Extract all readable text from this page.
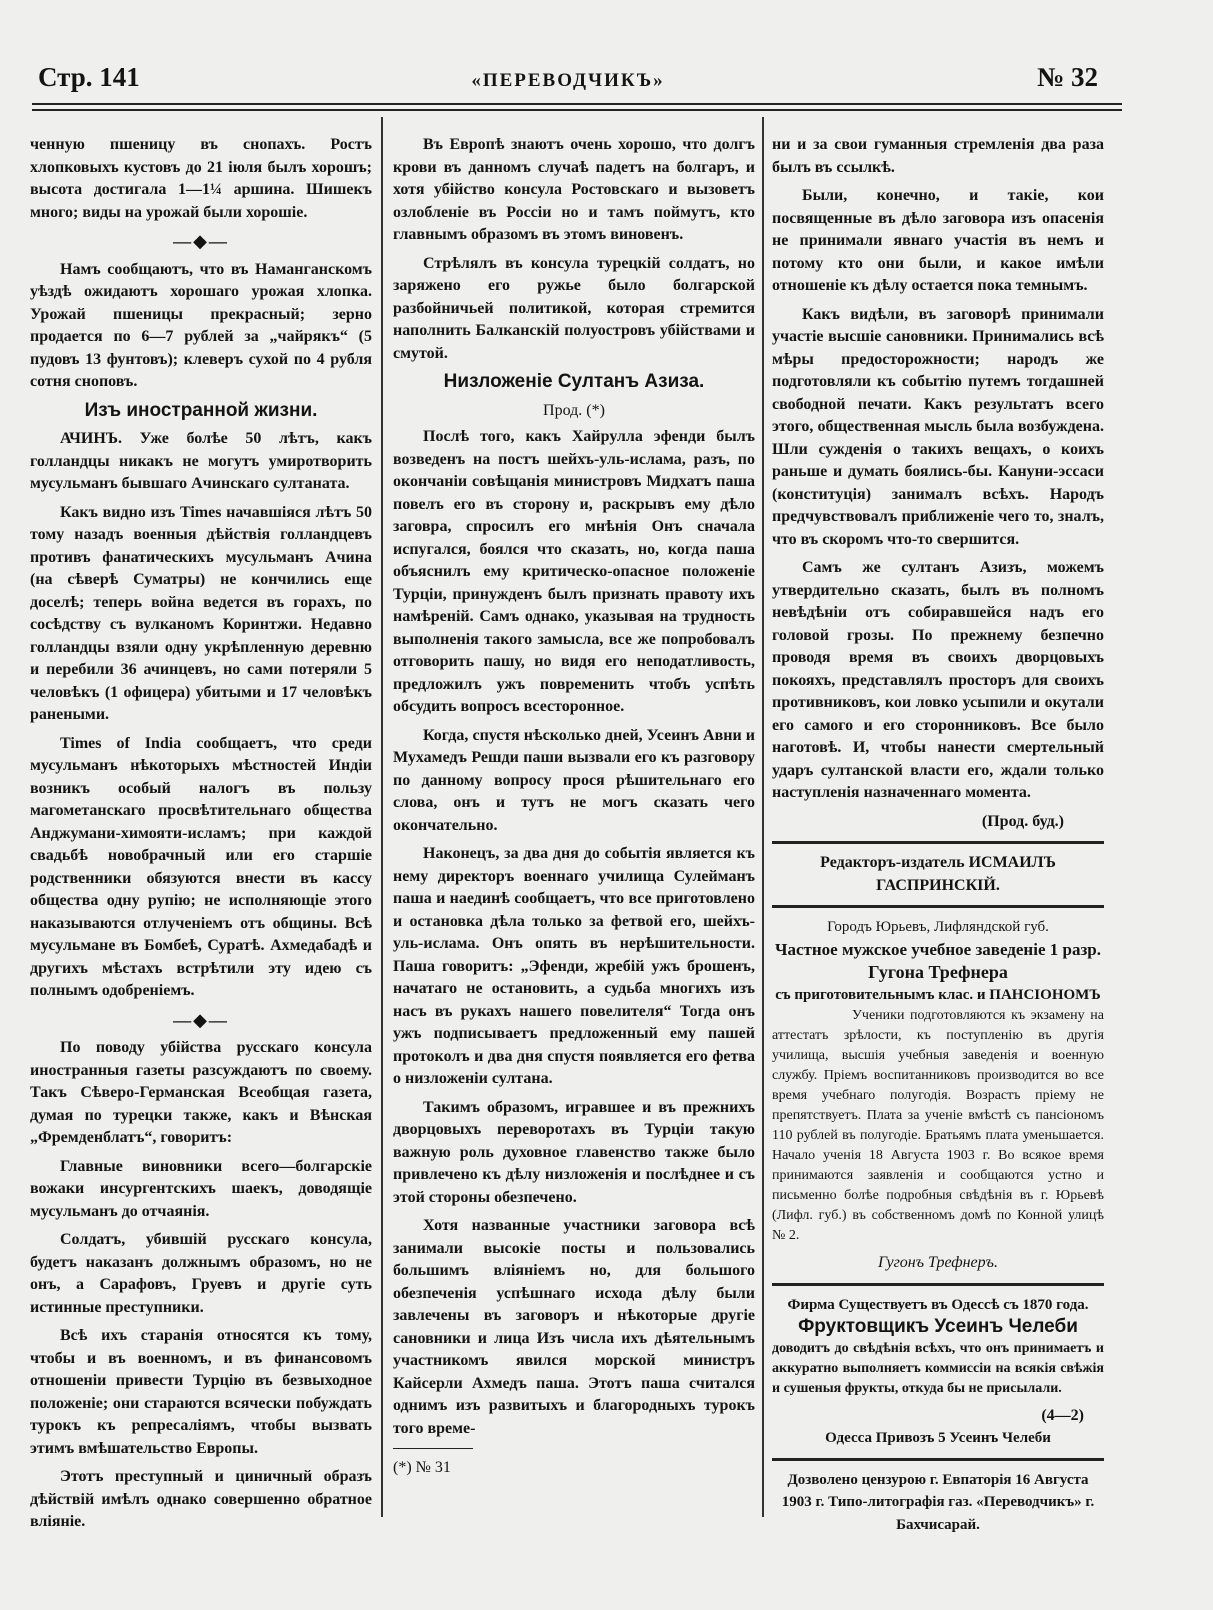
Стр. 141	«ПЕРЕВОДЧИКЪ»	№ 32

ченную пшеницу въ снопахъ. Ростъ хлопковыхъ кустовъ до 21 іюля былъ хорошъ; высота достигала 1—1¼ аршина. Шишекъ много; виды на урожай были хорошіе.

—◆—

Намъ сообщаютъ, что въ Наманганскомъ уѣздѣ ожидаютъ хорошаго урожая хлопка. Урожай пшеницы прекрасный; зерно продается по 6—7 рублей за „чайрякъ“ (5 пудовъ 13 фунтовъ); клеверъ сухой по 4 рубля сотня сноповъ.

Изъ иностранной жизни.

АЧИНЪ. Уже болѣе 50 лѣтъ, какъ голландцы никакъ не могутъ умиротворить мусульманъ бывшаго Ачинскаго султаната.

Какъ видно изъ Times начавшіяся лѣтъ 50 тому назадъ военныя дѣйствія голландцевъ противъ фанатическихъ мусульманъ Ачина (на сѣверѣ Суматры) не кончились еще доселѣ; теперь война ведется въ горахъ, по сосѣдству съ вулканомъ Коринтжи. Недавно голландцы взяли одну укрѣпленную деревню и перебили 36 ачинцевъ, но сами потеряли 5 человѣкъ (1 офицера) убитыми и 17 человѣкъ ранеными.

Times of India сообщаетъ, что среди мусульманъ нѣкоторыхъ мѣстностей Индіи возникъ особый налогъ въ пользу магометанскаго просвѣтительнаго общества Анджумани-химояти-исламъ; при каждой свадьбѣ новобрачный или его старшіе родственники обязуются внести въ кассу общества одну рупію; не исполняющіе этого наказываются отлученіемъ отъ общины. Всѣ мусульмане въ Бомбеѣ, Суратѣ. Ахмедабадѣ и другихъ мѣстахъ встрѣтили эту идею съ полнымъ одобреніемъ.

—◆—

По поводу убійства русскаго консула иностранныя газеты разсуждаютъ по своему. Такъ Сѣверо-Германская Всеобщая газета, думая по турецки также, какъ и Вѣнская „Фремденблатъ“, говоритъ:

Главные виновники всего—болгарскіе вожаки инсургентскихъ шаекъ, доводящіе мусульманъ до отчаянія.

Солдатъ, убившій русскаго консула, будетъ наказанъ должнымъ образомъ, но не онъ, а Сарафовъ, Груевъ и другіе суть истинные преступники.

Всѣ ихъ старанія относятся къ тому, чтобы и въ военномъ, и въ финансовомъ отношеніи привести Турцію въ безвыходное положеніе; они стараются всячески побуждать турокъ къ репресаліямъ, чтобы вызвать этимъ вмѣшательство Европы.

Этотъ преступный и циничный образъ дѣйствій имѣлъ однако совершенно обратное вліяніе.

Въ Европѣ знаютъ очень хорошо, что долгъ крови въ данномъ случаѣ падетъ на болгаръ, и хотя убійство консула Ростовскаго и вызоветъ озлобленіе въ Россіи но и тамъ поймутъ, кто главнымъ образомъ въ этомъ виновенъ.

Стрѣлялъ въ консула турецкій солдатъ, но заряжено его ружье было болгарской разбойничьей политикой, которая стремится наполнить Балканскій полуостровъ убійствами и смутой.

Низложеніе Султанъ Азиза.
Прод. (*)

Послѣ того, какъ Хайрулла эфенди былъ возведенъ на постъ шейхъ-уль-ислама, разъ, по окончаніи совѣщанія министровъ Мидхатъ паша повелъ его въ сторону и, раскрывъ ему дѣло заговра, спросилъ его мнѣнія Онъ сначала испугался, боялся что сказать, но, когда паша объяснилъ ему критическо-опасное положеніе Турціи, принужденъ былъ признать правоту ихъ намѣреній. Самъ однако, указывая на трудность выполненія такого замысла, все же попробовалъ отговорить пашу, но видя его неподатливость, предложилъ ужъ повременить чтобъ успѣть обсудить вопросъ всесторонное.

Когда, спустя нѣсколько дней, Усеинъ Авни и Мухамедъ Решди паши вызвали его къ разговору по данному вопросу прося рѣшительнаго его слова, онъ и тутъ не могъ сказать чего окончательно.

Наконецъ, за два дня до событія является къ нему директоръ военнаго училища Сулейманъ паша и наединѣ сообщаетъ, что все приготовлено и остановка дѣла только за фетвой его, шейхъ-уль-ислама. Онъ опять въ нерѣшительности. Паша говоритъ: „Эфенди, жребій ужъ брошенъ, начатаго не остановить, а судьба многихъ изъ насъ въ рукахъ нашего повелителя“ Тогда онъ ужъ подписываетъ предложенный ему пашей протоколъ и два дня спустя появляется его фетва о низложеніи султана.

Такимъ образомъ, игравшее и въ прежнихъ дворцовыхъ переворотахъ въ Турціи такую важную роль духовное главенство также было привлечено къ дѣлу низложенія и послѣднее и съ этой стороны обезпечено.

Хотя названные участники заговора всѣ занимали высокіе посты и пользовались большимъ вліяніемъ но, для большого обезпеченія успѣшнаго исхода дѣлу были завлечены въ заговоръ и нѣкоторые другіе сановники и лица Изъ числа ихъ дѣятельнымъ участникомъ явился морской министръ Кайсерли Ахмедъ паша. Этотъ паша считался однимъ изъ развитыхъ и благородныхъ турокъ того време-

(*) № 31

ни и за свои гуманныя стремленія два раза былъ въ ссылкѣ.

Были, конечно, и такіе, кои посвященные въ дѣло заговора изъ опасенія не принимали явнаго участія въ немъ и потому кто они были, и какое имѣли отношеніе къ дѣлу остается пока темнымъ.

Какъ видѣли, въ заговорѣ принимали участіе высшіе сановники. Принимались всѣ мѣры предосторожности; народъ же подготовляли къ событію путемъ тогдашней свободной печати. Какъ результатъ всего этого, общественная мысль была возбуждена. Шли сужденія о такихъ вещахъ, о коихъ раньше и думать боялись-бы. Кануни-эссаси (конституція) занималъ всѣхъ. Народъ предчувствовалъ приближеніе чего то, зналъ, что въ скоромъ что-то свершится.

Самъ же султанъ Азизъ, можемъ утвердительно сказать, былъ въ полномъ невѣдѣніи отъ собиравшейся надъ его головой грозы. По прежнему безпечно проводя время въ своихъ дворцовыхъ покояхъ, представлялъ просторъ для своихъ противниковъ, кои ловко усыпили и окутали его самого и его сторонниковъ. Все было наготовѣ. И, чтобы нанести смертельный ударъ султанской власти его, ждали только наступленія назначеннаго момента.

(Прод. буд.)
Редакторъ-издатель ИСМАИЛЪ ГАСПРИНСКІЙ.
Городъ Юрьевъ, Лифляндской губ.
Частное мужское учебное заведеніе 1 разр.
Гугона Трефнера
съ приготовительнымъ клас. и ПАНСІОНОМЪ

Ученики подготовляются къ экзамену на аттестатъ зрѣлости, къ поступленію въ другія училища, высшія учебныя заведенія и военную службу. Пріемъ воспитанниковъ производится во все время учебнаго полугодія. Возрастъ пріему не препятствуетъ. Плата за ученіе вмѣстѣ съ пансіономъ 110 рублей въ полугодіе. Братьямъ плата уменьшается. Начало ученія 18 Августа 1903 г. Во всякое время принимаются заявленія и сообщаются устно и письменно болѣе подробныя свѣдѣнія въ г. Юрьевѣ (Лифл. губ.) въ собственномъ домѣ по Конной улицѣ № 2.

Гугонъ Трефнеръ.
Фирма Существуетъ въ Одессѣ съ 1870 года.
Фруктовщикъ Усеинъ Челеби

доводитъ до свѣдѣнія всѣхъ, что онъ принимаетъ и аккуратно выполняетъ коммиссіи на всякія свѣжія и сушеныя фрукты, откуда бы не присылали.

(4—2)
Одесса Привозъ 5 Усеинъ Челеби
Дозволено цензурою г. Евпаторія 16 Августа 1903 г. Типо-литографія газ. «Переводчикъ» г. Бахчисарай.
